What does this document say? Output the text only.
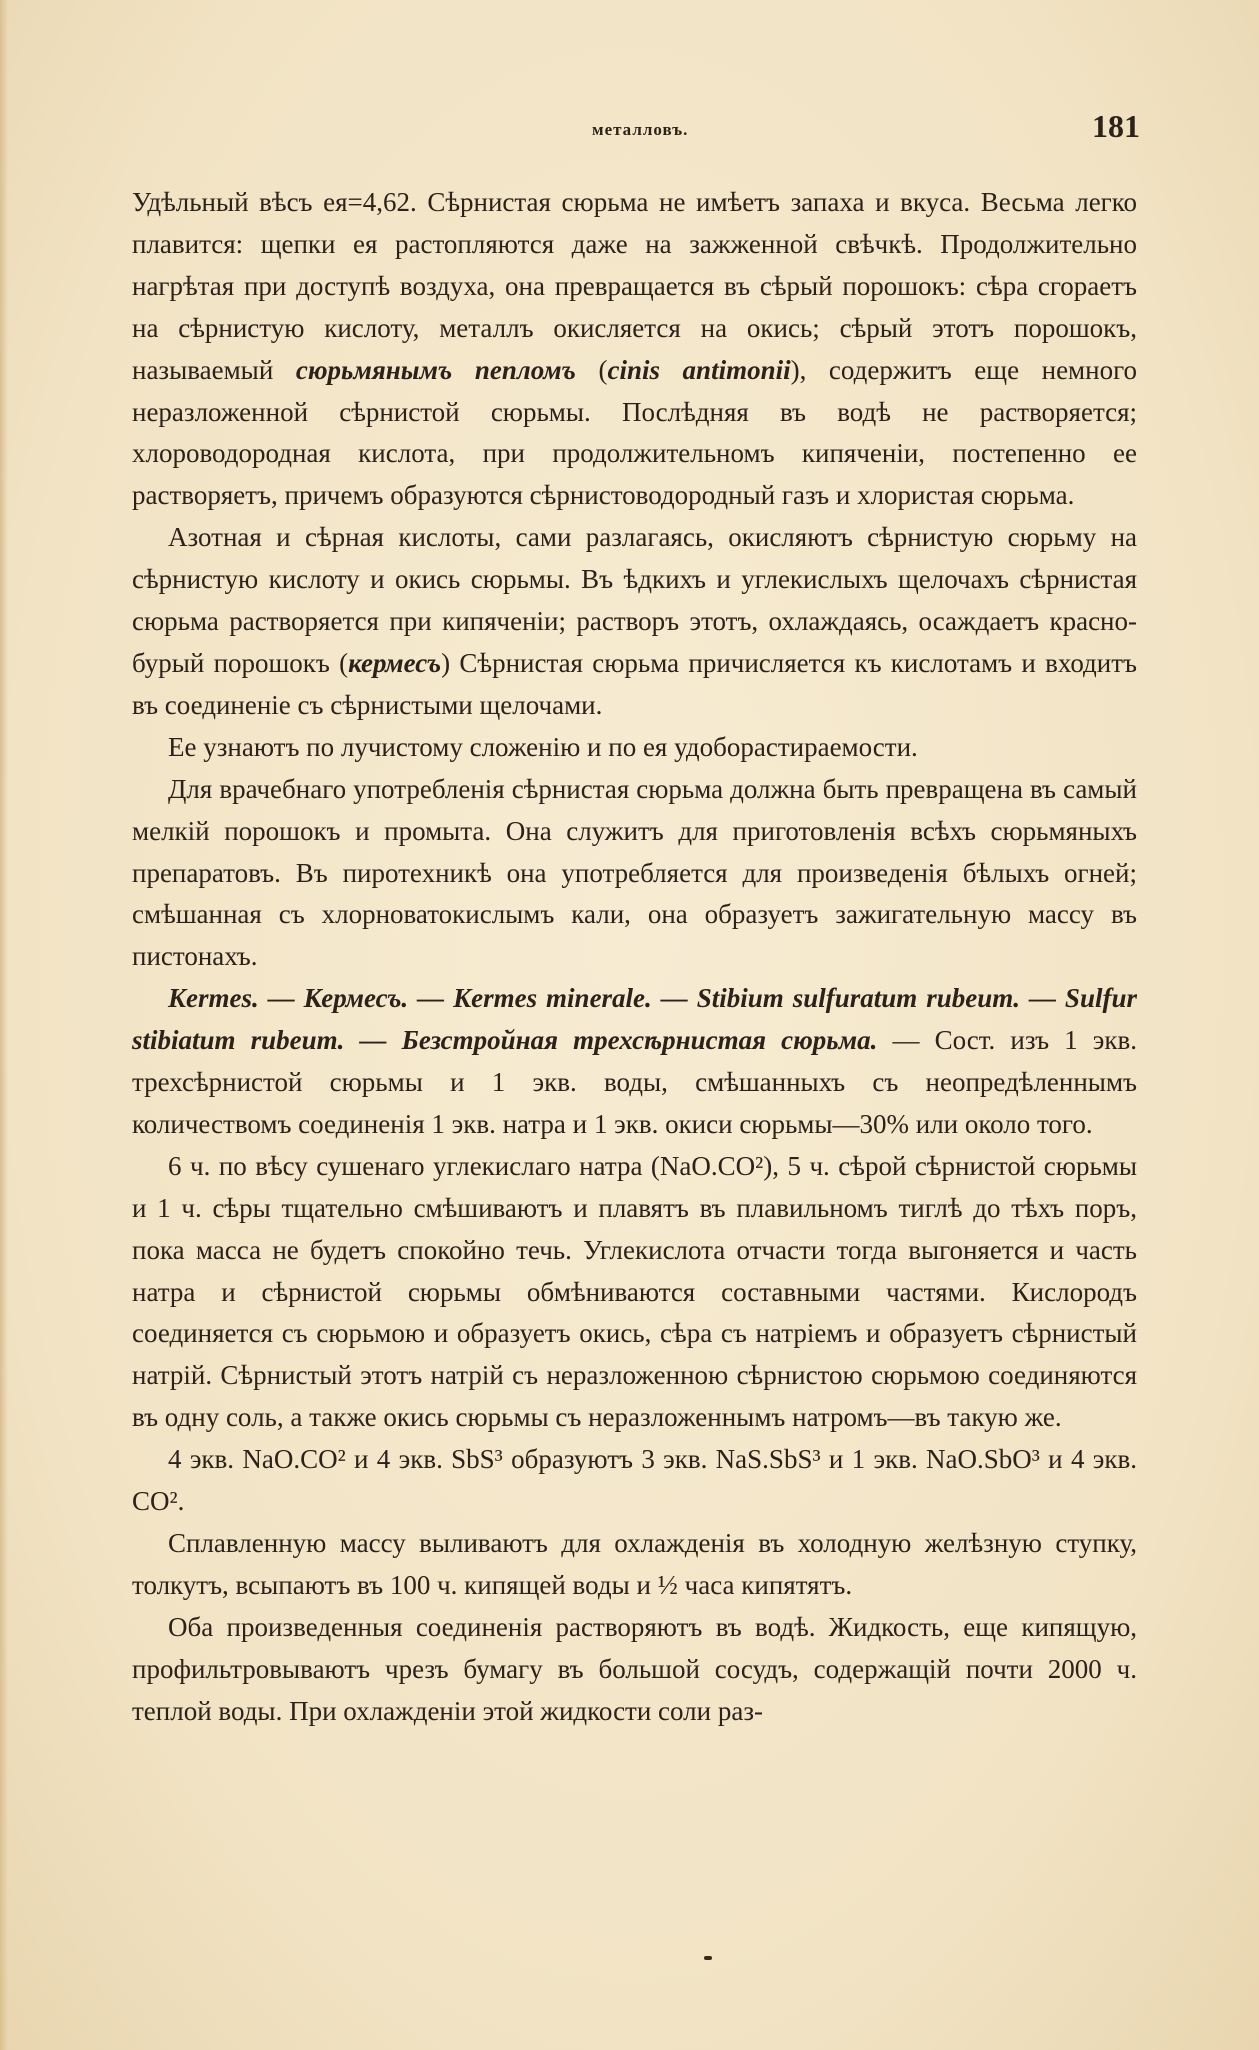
металловъ.	181

Удѣльный вѣсъ ея=4,62. Сѣрнистая сюрьма не имѣетъ запаха и вкуса. Весьма легко плавится: щепки ея растопляются даже на зажженной свѣчкѣ. Продолжительно нагрѣтая при доступѣ воздуха, она превращается въ сѣрый порошокъ: сѣра сгораетъ на сѣрнистую кислоту, металлъ окисляется на окись; сѣрый этотъ порошокъ, называемый сюрьмянымъ пепломъ (cinis antimonii), содержитъ еще немного неразложенной сѣрнистой сюрьмы. Послѣдняя въ водѣ не растворяется; хлороводородная кислота, при продолжительномъ кипяченіи, постепенно ее растворяетъ, причемъ образуются сѣрнистоводородный газъ и хлористая сюрьма.

Азотная и сѣрная кислоты, сами разлагаясь, окисляютъ сѣрнистую сюрьму на сѣрнистую кислоту и окись сюрьмы. Въ ѣдкихъ и углекислыхъ щелочахъ сѣрнистая сюрьма растворяется при кипяченіи; растворъ этотъ, охлаждаясь, осаждаетъ красно-бурый порошокъ (кермесъ) Сѣрнистая сюрьма причисляется къ кислотамъ и входитъ въ соединеніе съ сѣрнистыми щелочами.

Ее узнаютъ по лучистому сложенію и по ея удоборастираемости.

Для врачебнаго употребленія сѣрнистая сюрьма должна быть превращена въ самый мелкій порошокъ и промыта. Она служитъ для приготовленія всѣхъ сюрьмяныхъ препаратовъ. Въ пиротехникѣ она употребляется для произведенія бѣлыхъ огней; смѣшанная съ хлорноватокислымъ кали, она образуетъ зажигательную массу въ пистонахъ.

Kermes. — Кермесъ. — Kermes minerale. — Stibium sulfuratum rubeum. — Sulfur stibiatum rubeum. — Безстройная трехсѣрнистая сюрьма. — Сост. изъ 1 экв. трехсѣрнистой сюрьмы и 1 экв. воды, смѣшанныхъ съ неопредѣленнымъ количествомъ соединенія 1 экв. натра и 1 экв. окиси сюрьмы—30% или около того.

6 ч. по вѣсу сушенаго углекислаго натра (NaO.CO²), 5 ч. сѣрой сѣрнистой сюрьмы и 1 ч. сѣры тщательно смѣшиваютъ и плавятъ въ плавильномъ тиглѣ до тѣхъ поръ, пока масса не будетъ спокойно течь. Углекислота отчасти тогда выгоняется и часть натра и сѣрнистой сюрьмы обмѣниваются составными частями. Кислородъ соединяется съ сюрьмою и образуетъ окись, сѣра съ натріемъ и образуетъ сѣрнистый натрій. Сѣрнистый этотъ натрій съ неразложенною сѣрнистою сюрьмою соединяются въ одну соль, а также окись сюрьмы съ неразложеннымъ натромъ—въ такую же.

4 экв. NaO.CO² и 4 экв. SbS³ образуютъ 3 экв. NaS.SbS³ и 1 экв. NaO.SbO³ и 4 экв. CO².

Сплавленную массу выливаютъ для охлажденія въ холодную желѣзную ступку, толкутъ, всыпаютъ въ 100 ч. кипящей воды и ½ часа кипятятъ.

Оба произведенныя соединенія растворяютъ въ водѣ. Жидкость, еще кипящую, профильтровываютъ чрезъ бумагу въ большой сосудъ, содержащій почти 2000 ч. теплой воды. При охлажденіи этой жидкости соли раз-
